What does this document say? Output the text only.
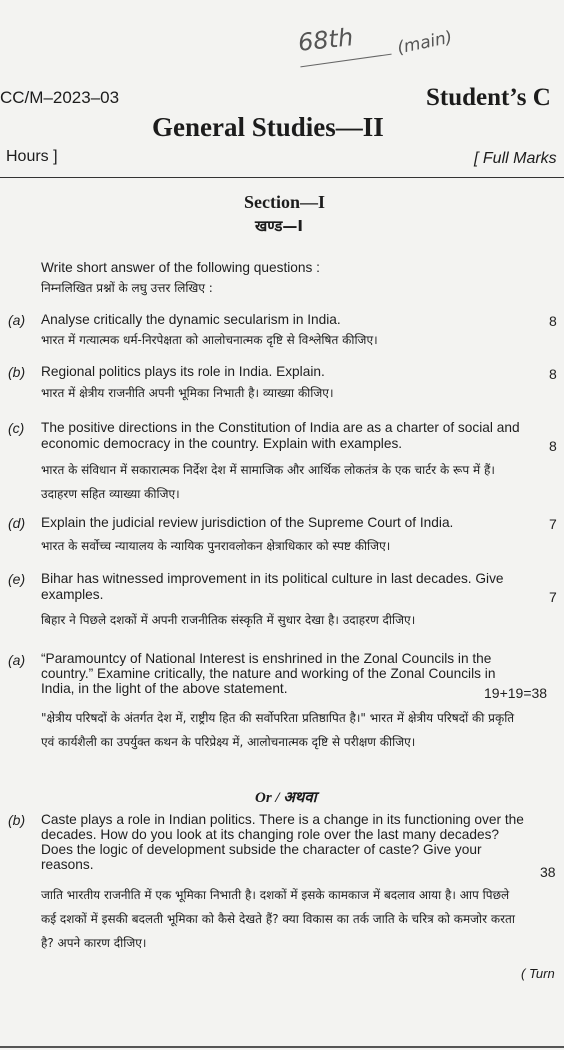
68th (main)
CC/M–2023–03	Student’s C
General Studies—II
Hours ]	[ Full Marks
Section—I
खण्ड—I
Write short answer of the following questions :
निम्नलिखित प्रश्नों के लघु उत्तर लिखिए :
(a) Analyse critically the dynamic secularism in India.	8
भारत में गत्यात्मक धर्म-निरपेक्षता को आलोचनात्मक दृष्टि से विश्लेषित कीजिए।
(b) Regional politics plays its role in India. Explain.	8
भारत में क्षेत्रीय राजनीति अपनी भूमिका निभाती है। व्याख्या कीजिए।
(c) The positive directions in the Constitution of India are as a charter of social and economic democracy in the country. Explain with examples.	8
भारत के संविधान में सकारात्मक निर्देश देश में सामाजिक और आर्थिक लोकतंत्र के एक चार्टर के रूप में हैं। उदाहरण सहित व्याख्या कीजिए।
(d) Explain the judicial review jurisdiction of the Supreme Court of India.	7
भारत के सर्वोच्च न्यायालय के न्यायिक पुनरावलोकन क्षेत्राधिकार को स्पष्ट कीजिए।
(e) Bihar has witnessed improvement in its political culture in last decades. Give examples.	7
बिहार ने पिछले दशकों में अपनी राजनीतिक संस्कृति में सुधार देखा है। उदाहरण दीजिए।
(a) “Paramountcy of National Interest is enshrined in the Zonal Councils in the country.” Examine critically, the nature and working of the Zonal Councils in India, in the light of the above statement.	19+19=38
"क्षेत्रीय परिषदों के अंतर्गत देश में, राष्ट्रीय हित की सर्वोपरिता प्रतिष्ठापित है।" भारत में क्षेत्रीय परिषदों की प्रकृति एवं कार्यशैली का उपर्युक्त कथन के परिप्रेक्ष्य में, आलोचनात्मक दृष्टि से परीक्षण कीजिए।
Or / अथवा
(b) Caste plays a role in Indian politics. There is a change in its functioning over the decades. How do you look at its changing role over the last many decades? Does the logic of development subside the character of caste? Give your reasons.	38
जाति भारतीय राजनीति में एक भूमिका निभाती है। दशकों में इसके कामकाज में बदलाव आया है। आप पिछले कई दशकों में इसकी बदलती भूमिका को कैसे देखते हैं? क्या विकास का तर्क जाति के चरित्र को कमजोर करता है? अपने कारण दीजिए।
( Turn
